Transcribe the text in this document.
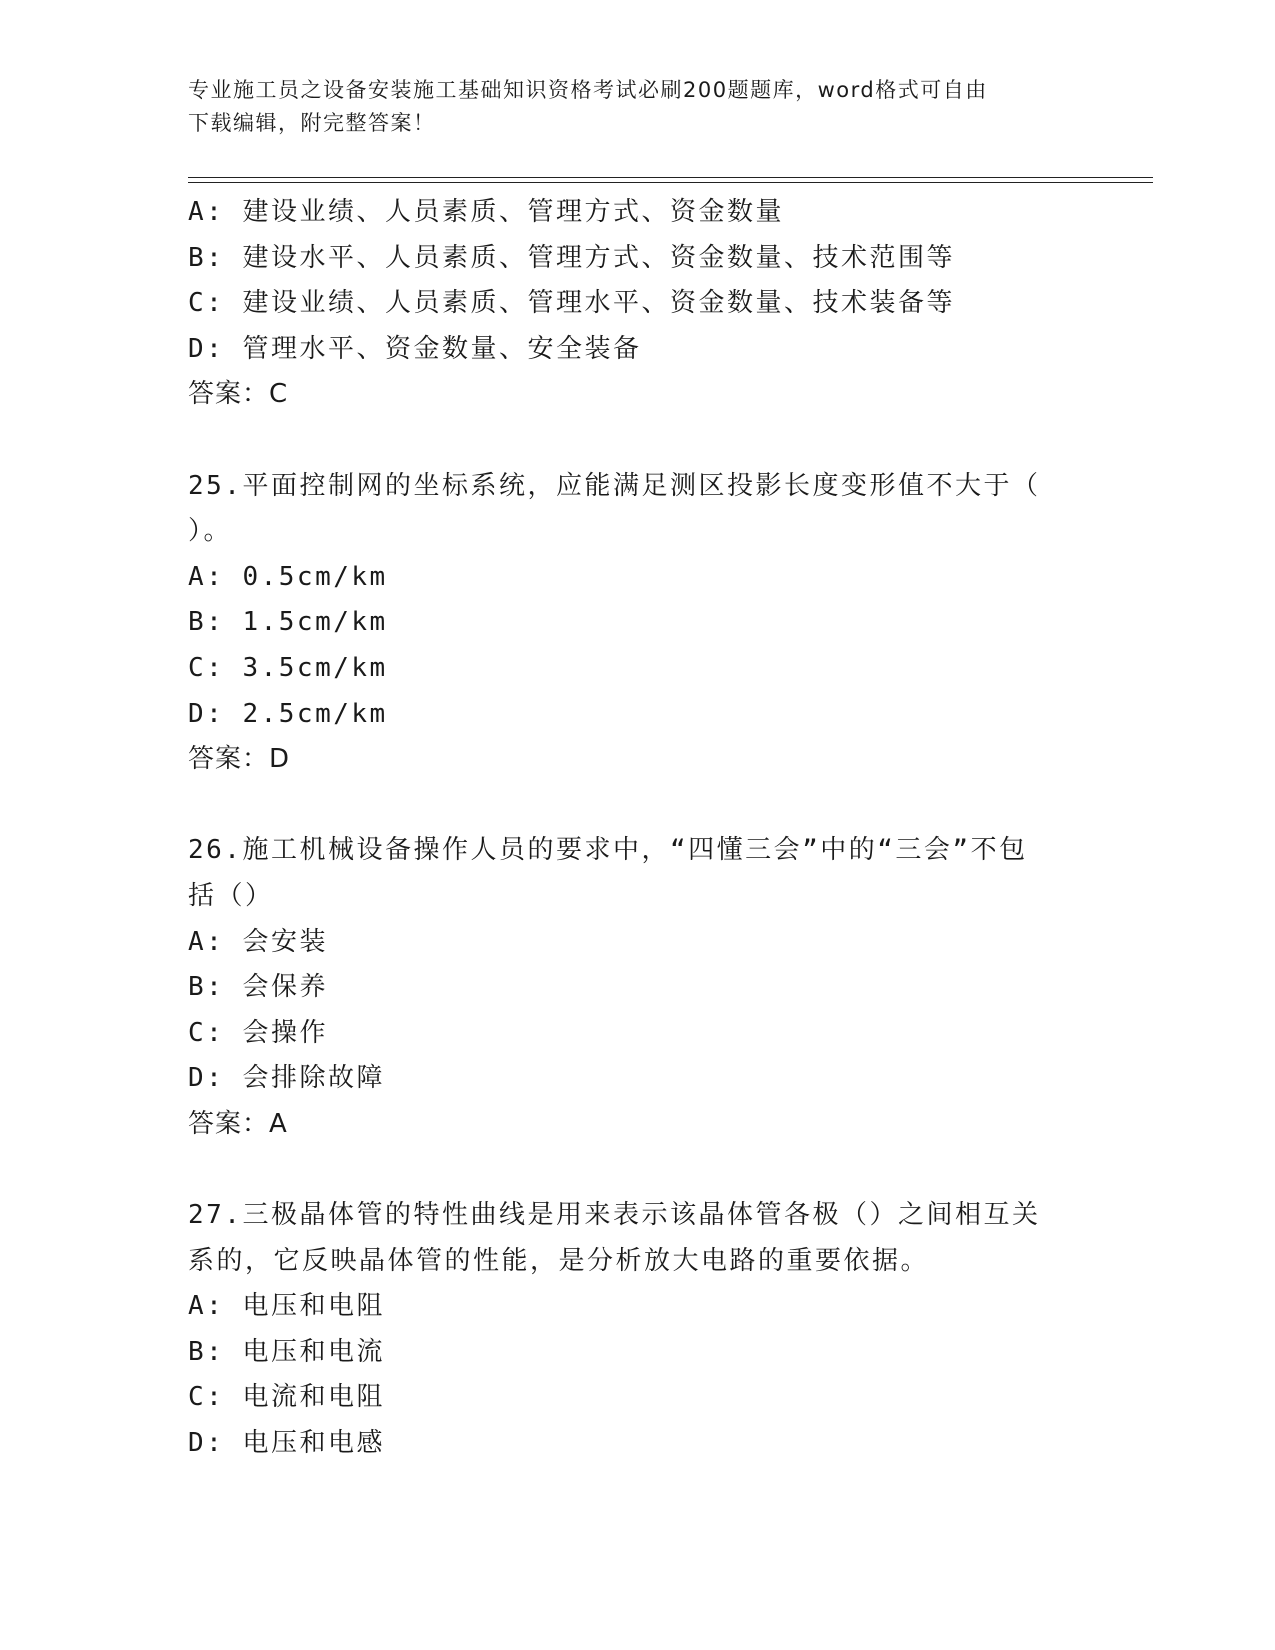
专业施工员之设备安装施工基础知识资格考试必刷200题题库，word格式可自由
下载编辑，附完整答案！
A: 建设业绩、人员素质、管理方式、资金数量
B: 建设水平、人员素质、管理方式、资金数量、技术范围等
C: 建设业绩、人员素质、管理水平、资金数量、技术装备等
D: 管理水平、资金数量、安全装备
答案：C
25.平面控制网的坐标系统，应能满足测区投影长度变形值不大于（
）。
A: 0.5cm/km
B: 1.5cm/km
C: 3.5cm/km
D: 2.5cm/km
答案：D
26.施工机械设备操作人员的要求中，“四懂三会”中的“三会”不包
括（）
A: 会安装
B: 会保养
C: 会操作
D: 会排除故障
答案：A
27.三极晶体管的特性曲线是用来表示该晶体管各极（）之间相互关
系的，它反映晶体管的性能，是分析放大电路的重要依据。
A: 电压和电阻
B: 电压和电流
C: 电流和电阻
D: 电压和电感
